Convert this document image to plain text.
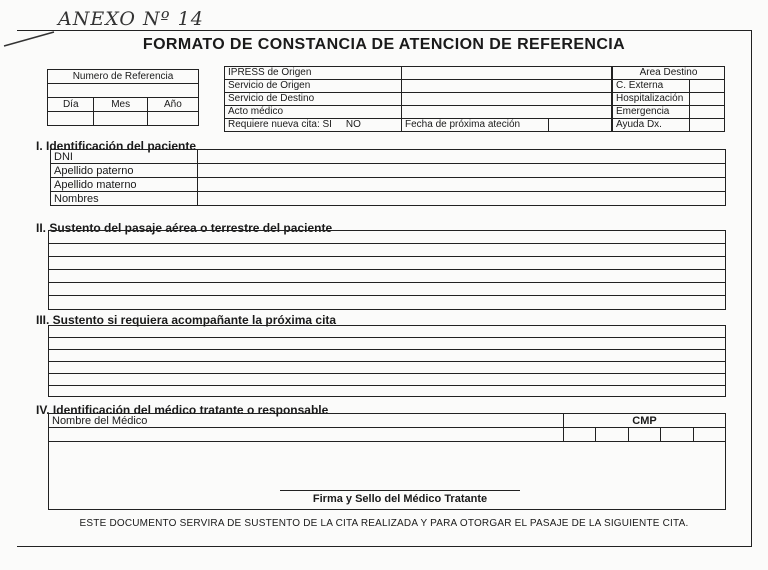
ANEXO Nº 14
FORMATO DE CONSTANCIA DE ATENCION DE REFERENCIA
Numero de Referencia		

Día	Mes	Año

IPRESS de Origen		
Servicio de Origen		
Servicio de Destino		
Acto médico		
Requiere nueva cita: SI NO	Fecha de próxima ateción	
Area Destino	
C. Externa	
Hospitalización	
Emergencia	
Ayuda Dx.	
I. Identificación del paciente
DNI	
Apellido paterno	
Apellido materno	
Nombres	
II. Sustento del pasaje aérea o terrestre del paciente
III. Sustento si requiera acompañante la próxima cita
IV. Identificación del médico tratante o responsable
Nombre del Médico	CMP				

Firma y Sello del Médico Tratante
ESTE DOCUMENTO SERVIRA DE SUSTENTO DE LA CITA REALIZADA Y PARA OTORGAR EL PASAJE DE LA SIGUIENTE CITA.
